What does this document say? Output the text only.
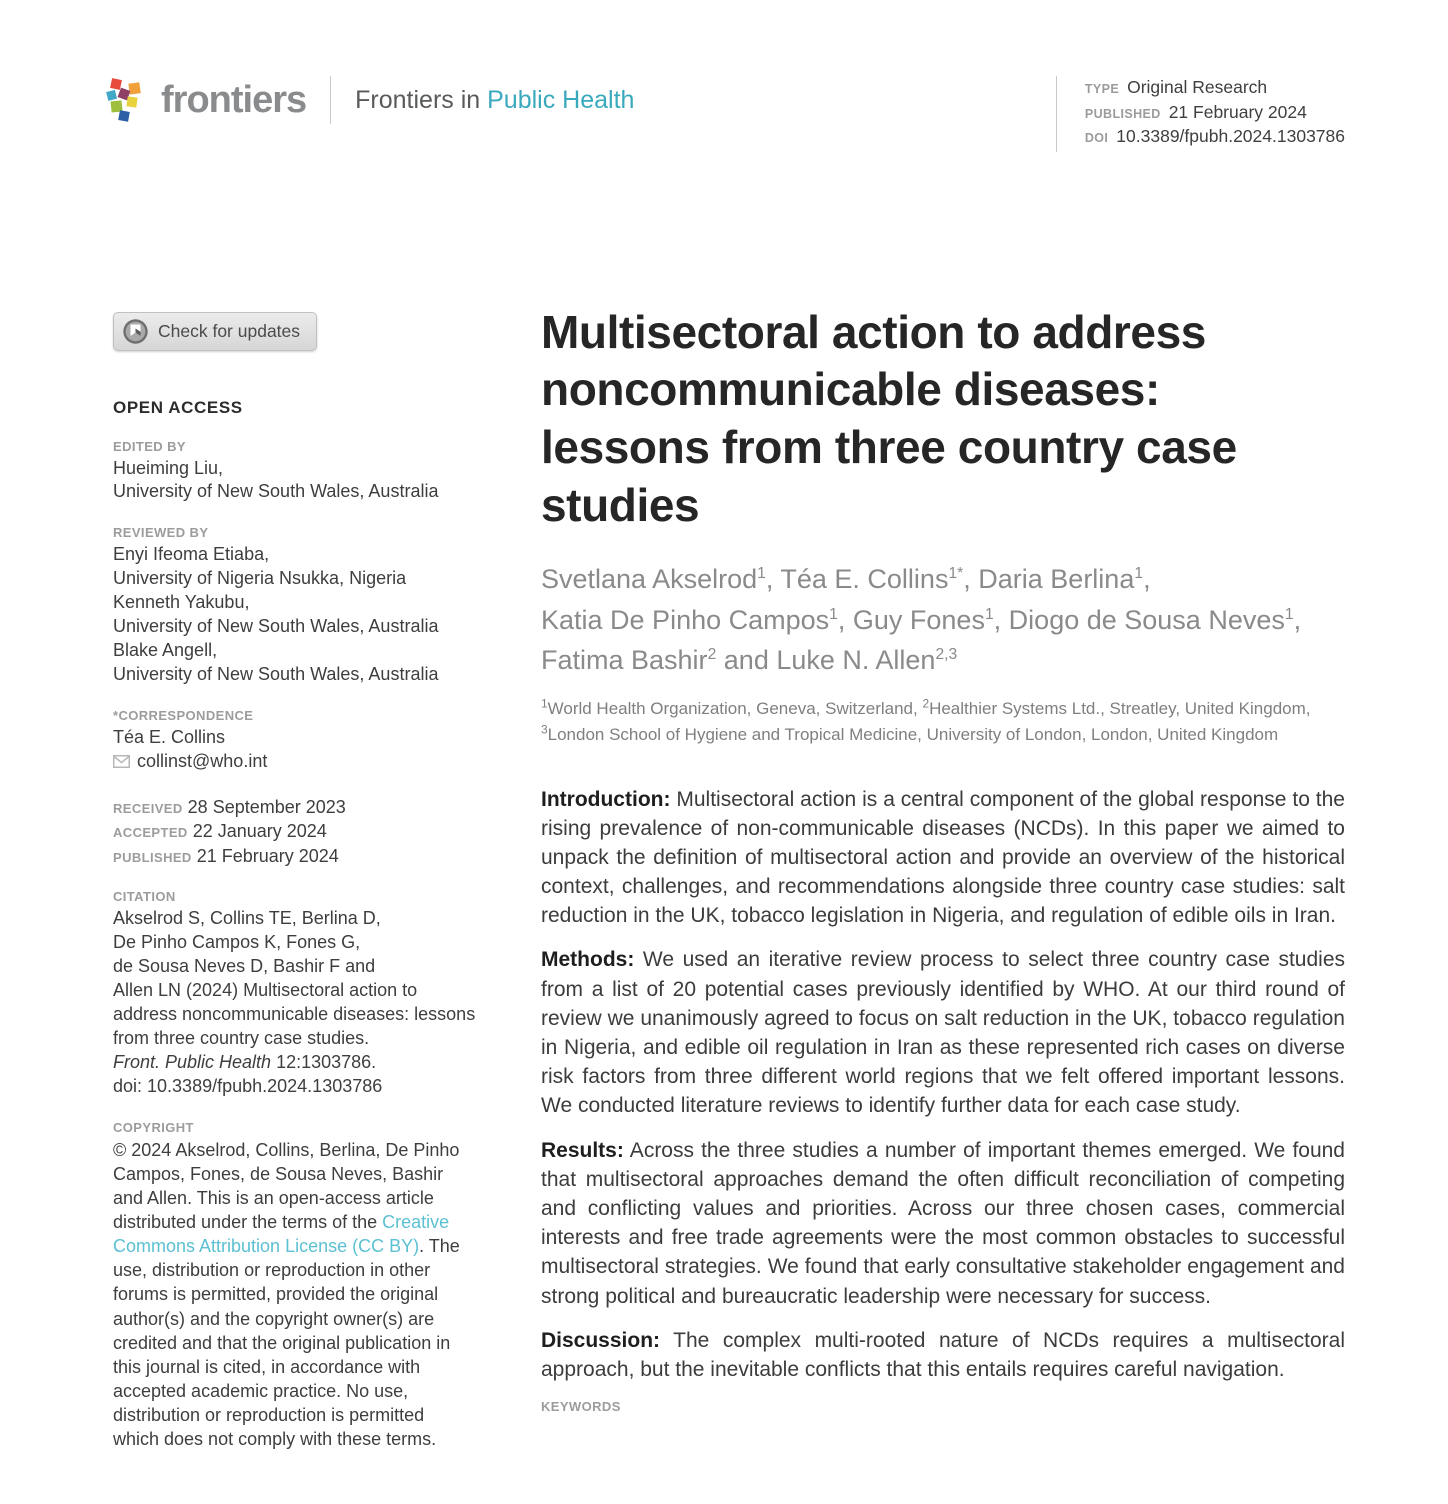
frontiers Frontiers in Public Health	TYPE Original Research
PUBLISHED 21 February 2024
DOI 10.3389/fpubh.2024.1303786
Check for updates
OPEN ACCESS
EDITED BY
Hueiming Liu,
University of New South Wales, Australia
REVIEWED BY
Enyi Ifeoma Etiaba,
University of Nigeria Nsukka, Nigeria
Kenneth Yakubu,
University of New South Wales, Australia
Blake Angell,
University of New South Wales, Australia
*CORRESPONDENCE
Téa E. Collins
collinst@who.int
RECEIVED 28 September 2023
ACCEPTED 22 January 2024
PUBLISHED 21 February 2024
CITATION
Akselrod S, Collins TE, Berlina D,
De Pinho Campos K, Fones G,
de Sousa Neves D, Bashir F and
Allen LN (2024) Multisectoral action to
address noncommunicable diseases: lessons
from three country case studies.
Front. Public Health 12:1303786.
doi: 10.3389/fpubh.2024.1303786
COPYRIGHT
© 2024 Akselrod, Collins, Berlina, De Pinho Campos, Fones, de Sousa Neves, Bashir and Allen. This is an open-access article distributed under the terms of the Creative Commons Attribution License (CC BY). The use, distribution or reproduction in other forums is permitted, provided the original author(s) and the copyright owner(s) are credited and that the original publication in this journal is cited, in accordance with accepted academic practice. No use, distribution or reproduction is permitted which does not comply with these terms.
Multisectoral action to address
noncommunicable diseases:
lessons from three country case
studies
Svetlana Akselrod$^1$, Téa E. Collins$^{1*}$, Daria Berlina$^1$,
Katia De Pinho Campos$^1$, Guy Fones$^1$, Diogo de Sousa Neves$^1$,
Fatima Bashir$^2$ and Luke N. Allen$^{2,3}$
$^1$World Health Organization, Geneva, Switzerland, $^2$Healthier Systems Ltd., Streatley, United Kingdom, $^3$London School of Hygiene and Tropical Medicine, University of London, London, United Kingdom

Introduction: Multisectoral action is a central component of the global response to the rising prevalence of non-communicable diseases (NCDs). In this paper we aimed to unpack the definition of multisectoral action and provide an overview of the historical context, challenges, and recommendations alongside three country case studies: salt reduction in the UK, tobacco legislation in Nigeria, and regulation of edible oils in Iran.

Methods: We used an iterative review process to select three country case studies from a list of 20 potential cases previously identified by WHO. At our third round of review we unanimously agreed to focus on salt reduction in the UK, tobacco regulation in Nigeria, and edible oil regulation in Iran as these represented rich cases on diverse risk factors from three different world regions that we felt offered important lessons. We conducted literature reviews to identify further data for each case study.

Results: Across the three studies a number of important themes emerged. We found that multisectoral approaches demand the often difficult reconciliation of competing and conflicting values and priorities. Across our three chosen cases, commercial interests and free trade agreements were the most common obstacles to successful multisectoral strategies. We found that early consultative stakeholder engagement and strong political and bureaucratic leadership were necessary for success.

Discussion: The complex multi-rooted nature of NCDs requires a multisectoral approach, but the inevitable conflicts that this entails requires careful navigation.

KEYWORDS
